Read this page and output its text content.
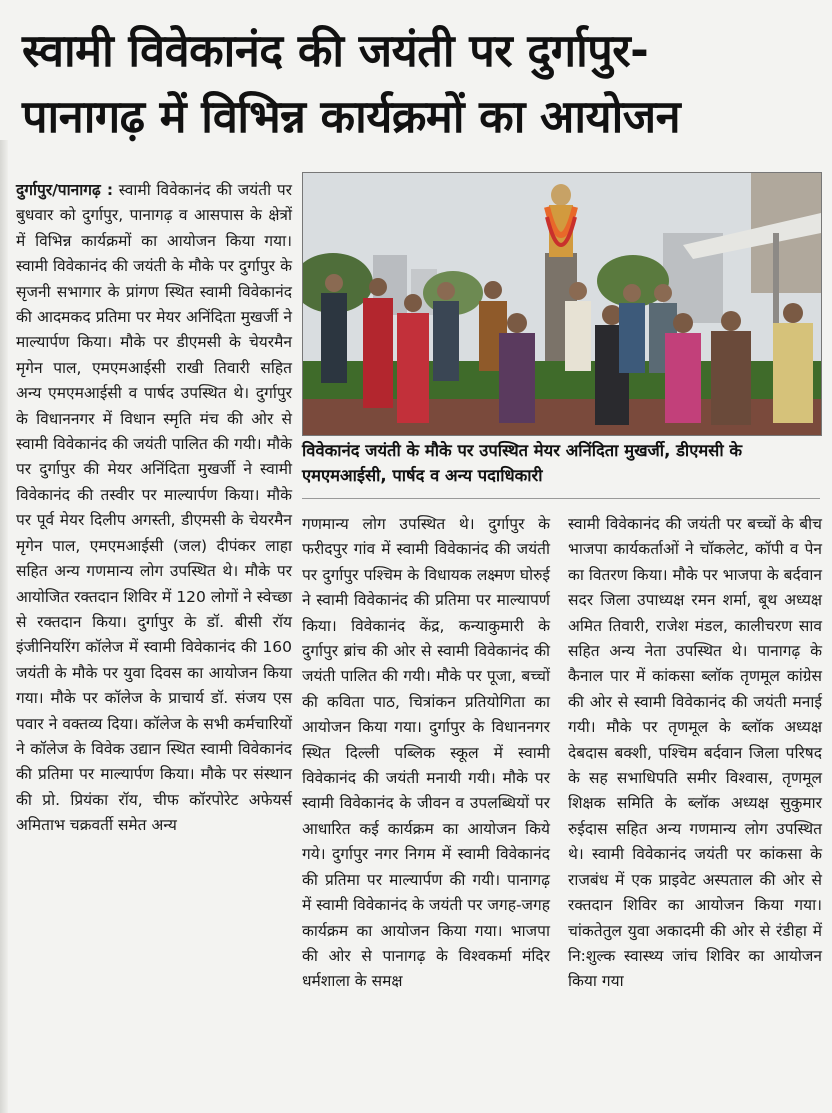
स्वामी विवेकानंद की जयंती पर दुर्गापुर-
पानागढ़ में विभिन्न कार्यक्रमों का आयोजन
दुर्गापुर/पानागढ़ : स्वामी विवेकानंद की जयंती पर बुधवार को दुर्गापुर, पानागढ़ व आसपास के क्षेत्रों में विभिन्न कार्यक्रमों का आयोजन किया गया। स्वामी विवेकानंद की जयंती के मौके पर दुर्गापुर के सृजनी सभागार के प्रांगण स्थित स्वामी विवेकानंद की आदमकद प्रतिमा पर मेयर अनिंदिता मुखर्जी ने माल्यार्पण किया। मौके पर डीएमसी के चेयरमैन मृगेन पाल, एमएमआईसी राखी तिवारी सहित अन्य एमएमआईसी व पार्षद उपस्थित थे। दुर्गापुर के विधाननगर में विधान स्मृति मंच की ओर से स्वामी विवेकानंद की जयंती पालित की गयी। मौके पर दुर्गापुर की मेयर अनिंदिता मुखर्जी ने स्वामी विवेकानंद की तस्वीर पर माल्यार्पण किया। मौके पर पूर्व मेयर दिलीप अगस्ती, डीएमसी के चेयरमैन मृगेन पाल, एमएमआईसी (जल) दीपंकर लाहा सहित अन्य गणमान्य लोग उपस्थित थे। मौके पर आयोजित रक्तदान शिविर में 120 लोगों ने स्वेच्छा से रक्तदान किया। दुर्गापुर के डॉ. बीसी रॉय इंजीनियरिंग कॉलेज में स्वामी विवेकानंद की 160 जयंती के मौके पर युवा दिवस का आयोजन किया गया। मौके पर कॉलेज के प्राचार्य डॉ. संजय एस पवार ने वक्तव्य दिया। कॉलेज के सभी कर्मचारियों ने कॉलेज के विवेक उद्यान स्थित स्वामी विवेकानंद की प्रतिमा पर माल्यार्पण किया। मौके पर संस्थान की प्रो. प्रियंका रॉय, चीफ कॉरपोरेट अफेयर्स अमिताभ चक्रवर्ती समेत अन्य
विवेकानंद जयंती के मौके पर उपस्थित मेयर अनिंदिता मुखर्जी, डीएमसी के एमएमआईसी, पार्षद व अन्य पदाधिकारी
गणमान्य लोग उपस्थित थे। दुर्गापुर के फरीदपुर गांव में स्वामी विवेकानंद की जयंती पर दुर्गापुर पश्चिम के विधायक लक्ष्मण घोरुई ने स्वामी विवेकानंद की प्रतिमा पर माल्यापर्ण किया। विवेकानंद केंद्र, कन्याकुमारी के दुर्गापुर ब्रांच की ओर से स्वामी विवेकानंद की जयंती पालित की गयी। मौके पर पूजा, बच्चों की कविता पाठ, चित्रांकन प्रतियोगिता का आयोजन किया गया। दुर्गापुर के विधाननगर स्थित दिल्ली पब्लिक स्कूल में स्वामी विवेकानंद की जयंती मनायी गयी। मौके पर स्वामी विवेकानंद के जीवन व उपलब्धियों पर आधारित कई कार्यक्रम का आयोजन किये गये। दुर्गापुर नगर निगम में स्वामी विवेकानंद की प्रतिमा पर माल्यार्पण की गयी। पानागढ़ में स्वामी विवेकानंद के जयंती पर जगह-जगह कार्यक्रम का आयोजन किया गया। भाजपा की ओर से पानागढ़ के विश्वकर्मा मंदिर धर्मशाला के समक्ष
स्वामी विवेकानंद की जयंती पर बच्चों के बीच भाजपा कार्यकर्ताओं ने चॉकलेट, कॉपी व पेन का वितरण किया। मौके पर भाजपा के बर्दवान सदर जिला उपाध्यक्ष रमन शर्मा, बूथ अध्यक्ष अमित तिवारी, राजेश मंडल, कालीचरण साव सहित अन्य नेता उपस्थित थे। पानागढ़ के कैनाल पार में कांकसा ब्लॉक तृणमूल कांग्रेस की ओर से स्वामी विवेकानंद की जयंती मनाई गयी। मौके पर तृणमूल के ब्लॉक अध्यक्ष देबदास बक्शी, पश्चिम बर्दवान जिला परिषद के सह सभाधिपति समीर विश्वास, तृणमूल शिक्षक समिति के ब्लॉक अध्यक्ष सुकुमार रुईदास सहित अन्य गणमान्य लोग उपस्थित थे। स्वामी विवेकानंद जयंती पर कांकसा के राजबंध में एक प्राइवेट अस्पताल की ओर से रक्तदान शिविर का आयोजन किया गया। चांकतेतुल युवा अकादमी की ओर से रंडीहा में नि:शुल्क स्वास्थ्य जांच शिविर का आयोजन किया गया
